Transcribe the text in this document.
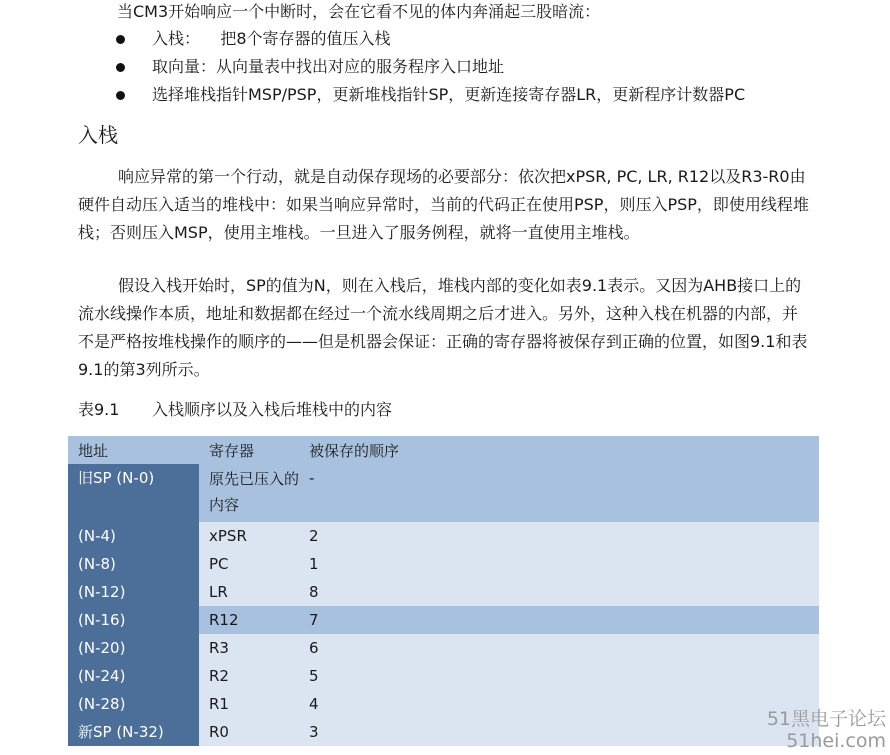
当CM3开始响应一个中断时，会在它看不见的体内奔涌起三股暗流：
入栈：    把8个寄存器的值压入栈
取向量：从向量表中找出对应的服务程序入口地址
选择堆栈指针MSP/PSP，更新堆栈指针SP，更新连接寄存器LR，更新程序计数器PC
入栈

响应异常的第一个行动，就是自动保存现场的必要部分：依次把xPSR, PC, LR, R12以及R3‑R0由硬件自动压入适当的堆栈中：如果当响应异常时，当前的代码正在使用PSP，则压入PSP，即使用线程堆栈；否则压入MSP，使用主堆栈。一旦进入了服务例程，就将一直使用主堆栈。

假设入栈开始时，SP的值为N，则在入栈后，堆栈内部的变化如表9.1表示。又因为AHB接口上的流水线操作本质，地址和数据都在经过一个流水线周期之后才进入。另外，这种入栈在机器的内部，并不是严格按堆栈操作的顺序的——但是机器会保证：正确的寄存器将被保存到正确的位置，如图9.1和表9.1的第3列所示。

表9.1 入栈顺序以及入栈后堆栈中的内容
地址	寄存器	被保存的顺序
旧SP (N-0)	原先已压入的内容	-
(N-4)	xPSR	2
(N-8)	PC	1
(N-12)	LR	8
(N-16)	R12	7
(N-20)	R3	6
(N-24)	R2	5
(N-28)	R1	4
新SP (N-32)	R0	3
51黑电子论坛
51hei.com
